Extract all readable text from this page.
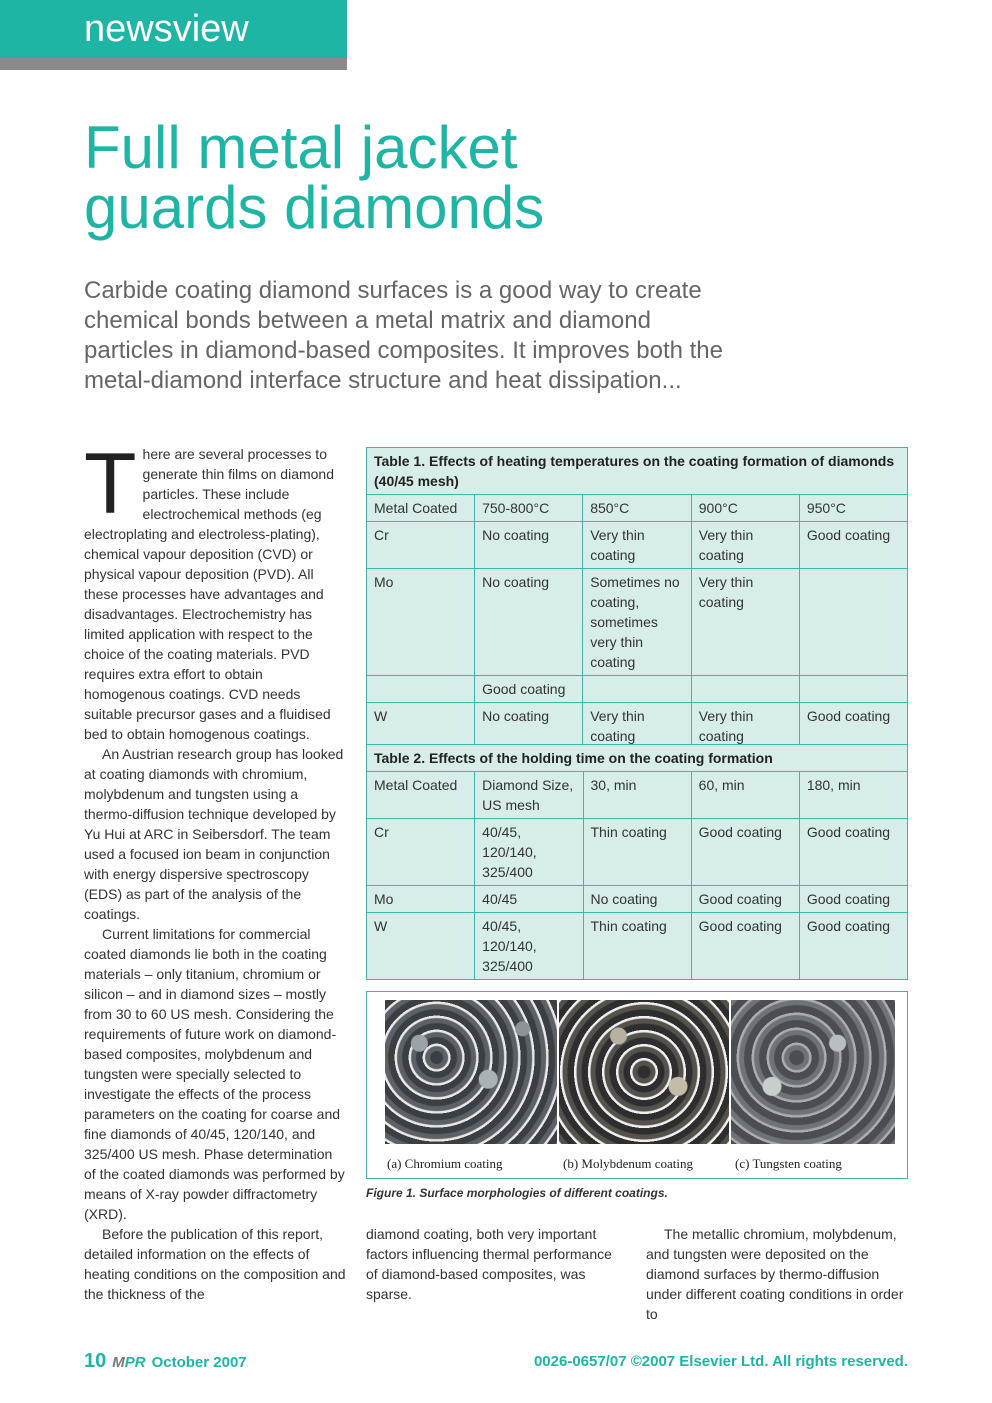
newsview
Full metal jacket
guards diamonds
Carbide coating diamond surfaces is a good way to create chemical bonds between a metal matrix and diamond particles in diamond-based composites. It improves both the metal-diamond interface structure and heat dissipation...

There are several processes to generate thin films on diamond particles. These include electrochemical methods (eg electroplating and electroless-plating), chemical vapour deposition (CVD) or physical vapour deposition (PVD). All these processes have advantages and disadvantages. Electrochemistry has limited application with respect to the choice of the coating materials. PVD requires extra effort to obtain homogenous coatings. CVD needs suitable precursor gases and a fluidised bed to obtain homogenous coatings.

An Austrian research group has looked at coating diamonds with chromium, molybdenum and tungsten using a thermo-diffusion technique developed by Yu Hui at ARC in Seibersdorf. The team used a focused ion beam in conjunction with energy dispersive spectroscopy (EDS) as part of the analysis of the coatings.

Current limitations for commercial coated diamonds lie both in the coating materials – only titanium, chromium or silicon – and in diamond sizes – mostly from 30 to 60 US mesh. Considering the requirements of future work on diamond-based composites, molybdenum and tungsten were specially selected to investigate the effects of the process parameters on the coating for coarse and fine diamonds of 40/45, 120/140, and 325/400 US mesh. Phase determination of the coated diamonds was performed by means of X-ray powder diffractometry (XRD).

Before the publication of this report, detailed information on the effects of heating conditions on the composition and the thickness of the

Table 1. Effects of heating temperatures on the coating formation of diamonds (40/45 mesh)				
Metal Coated	750-800°C	850°C	900°C	950°C
Cr	No coating	Very thin coating	Very thin coating	Good coating
Mo	No coating	Sometimes no coating, sometimes very thin coating	Very thin coating	
	Good coating			
W	No coating	Very thin coating	Very thin coating	Good coating
Table 2. Effects of the holding time on the coating formation				
Metal Coated	Diamond Size, US mesh	30, min	60, min	180, min
Cr	40/45, 120/140, 325/400	Thin coating	Good coating	Good coating
Mo	40/45	No coating	Good coating	Good coating
W	40/45, 120/140, 325/400	Thin coating	Good coating	Good coating
(a) Chromium coating	(b) Molybdenum coating	(c) Tungsten coating
Figure 1. Surface morphologies of different coatings.

diamond coating, both very important factors influencing thermal performance of diamond-based composites, was sparse.

The metallic chromium, molybdenum, and tungsten were deposited on the diamond surfaces by thermo-diffusion under different coating conditions in order to

10 MPR October 2007	0026-0657/07 ©2007 Elsevier Ltd. All rights reserved.
